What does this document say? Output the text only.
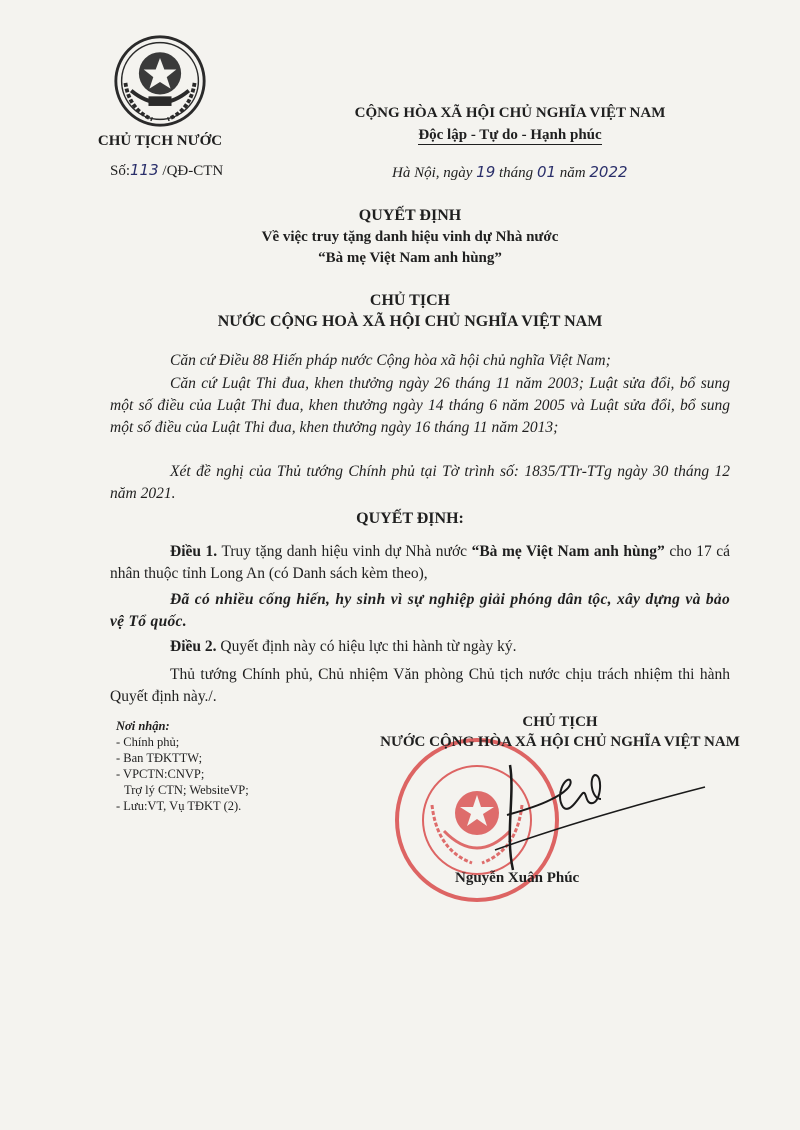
CHỦ TỊCH NƯỚC
Số:113 /QĐ-CTN
CỘNG HÒA XÃ HỘI CHỦ NGHĨA VIỆT NAM
Độc lập - Tự do - Hạnh phúc
Hà Nội, ngày 19 tháng 01 năm 2022
QUYẾT ĐỊNH
Về việc truy tặng danh hiệu vinh dự Nhà nước
“Bà mẹ Việt Nam anh hùng”
CHỦ TỊCH
NƯỚC CỘNG HOÀ XÃ HỘI CHỦ NGHĨA VIỆT NAM
Căn cứ Điều 88 Hiến pháp nước Cộng hòa xã hội chủ nghĩa Việt Nam;
Căn cứ Luật Thi đua, khen thưởng ngày 26 tháng 11 năm 2003; Luật sửa đổi, bổ sung một số điều của Luật Thi đua, khen thưởng ngày 14 tháng 6 năm 2005 và Luật sửa đổi, bổ sung một số điều của Luật Thi đua, khen thưởng ngày 16 tháng 11 năm 2013;
Xét đề nghị của Thủ tướng Chính phủ tại Tờ trình số: 1835/TTr-TTg ngày 30 tháng 12 năm 2021.
QUYẾT ĐỊNH:
Điều 1. Truy tặng danh hiệu vinh dự Nhà nước “Bà mẹ Việt Nam anh hùng” cho 17 cá nhân thuộc tỉnh Long An (có Danh sách kèm theo),
Đã có nhiều cống hiến, hy sinh vì sự nghiệp giải phóng dân tộc, xây dựng và bảo vệ Tổ quốc.
Điều 2. Quyết định này có hiệu lực thi hành từ ngày ký.
Thủ tướng Chính phủ, Chủ nhiệm Văn phòng Chủ tịch nước chịu trách nhiệm thi hành Quyết định này./.
Nơi nhận:
- Chính phủ;
- Ban TĐKTTW;
- VPCTN:CNVP;
Trợ lý CTN; WebsiteVP;
- Lưu:VT, Vụ TĐKT (2).
CHỦ TỊCH
NƯỚC CỘNG HÒA XÃ HỘI CHỦ NGHĨA VIỆT NAM
Nguyễn Xuân Phúc
